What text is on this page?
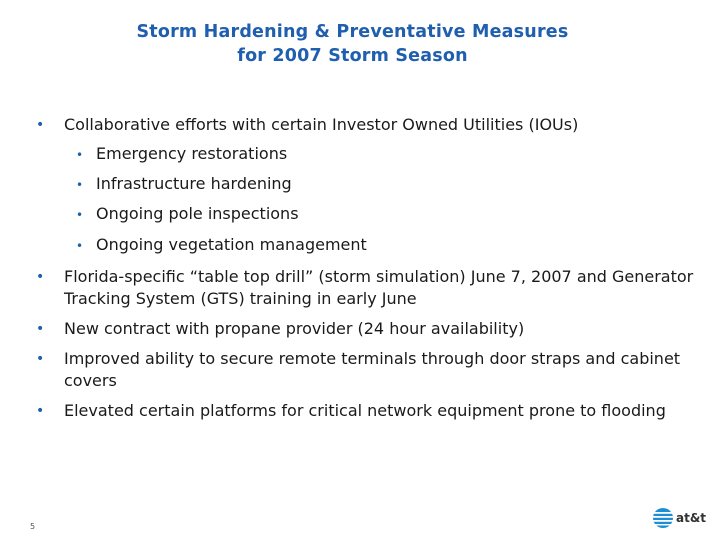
Storm Hardening & Preventative Measures
for 2007 Storm Season
• Collaborative efforts with certain Investor Owned Utilities (IOUs)
• Emergency restorations
• Infrastructure hardening
• Ongoing pole inspections
• Ongoing vegetation management
• Florida-specific “table top drill” (storm simulation) June 7, 2007 and Generator Tracking System (GTS) training in early June
• New contract with propane provider (24 hour availability)
• Improved ability to secure remote terminals through door straps and cabinet covers
• Elevated certain platforms for critical network equipment prone to flooding
5
at&t
